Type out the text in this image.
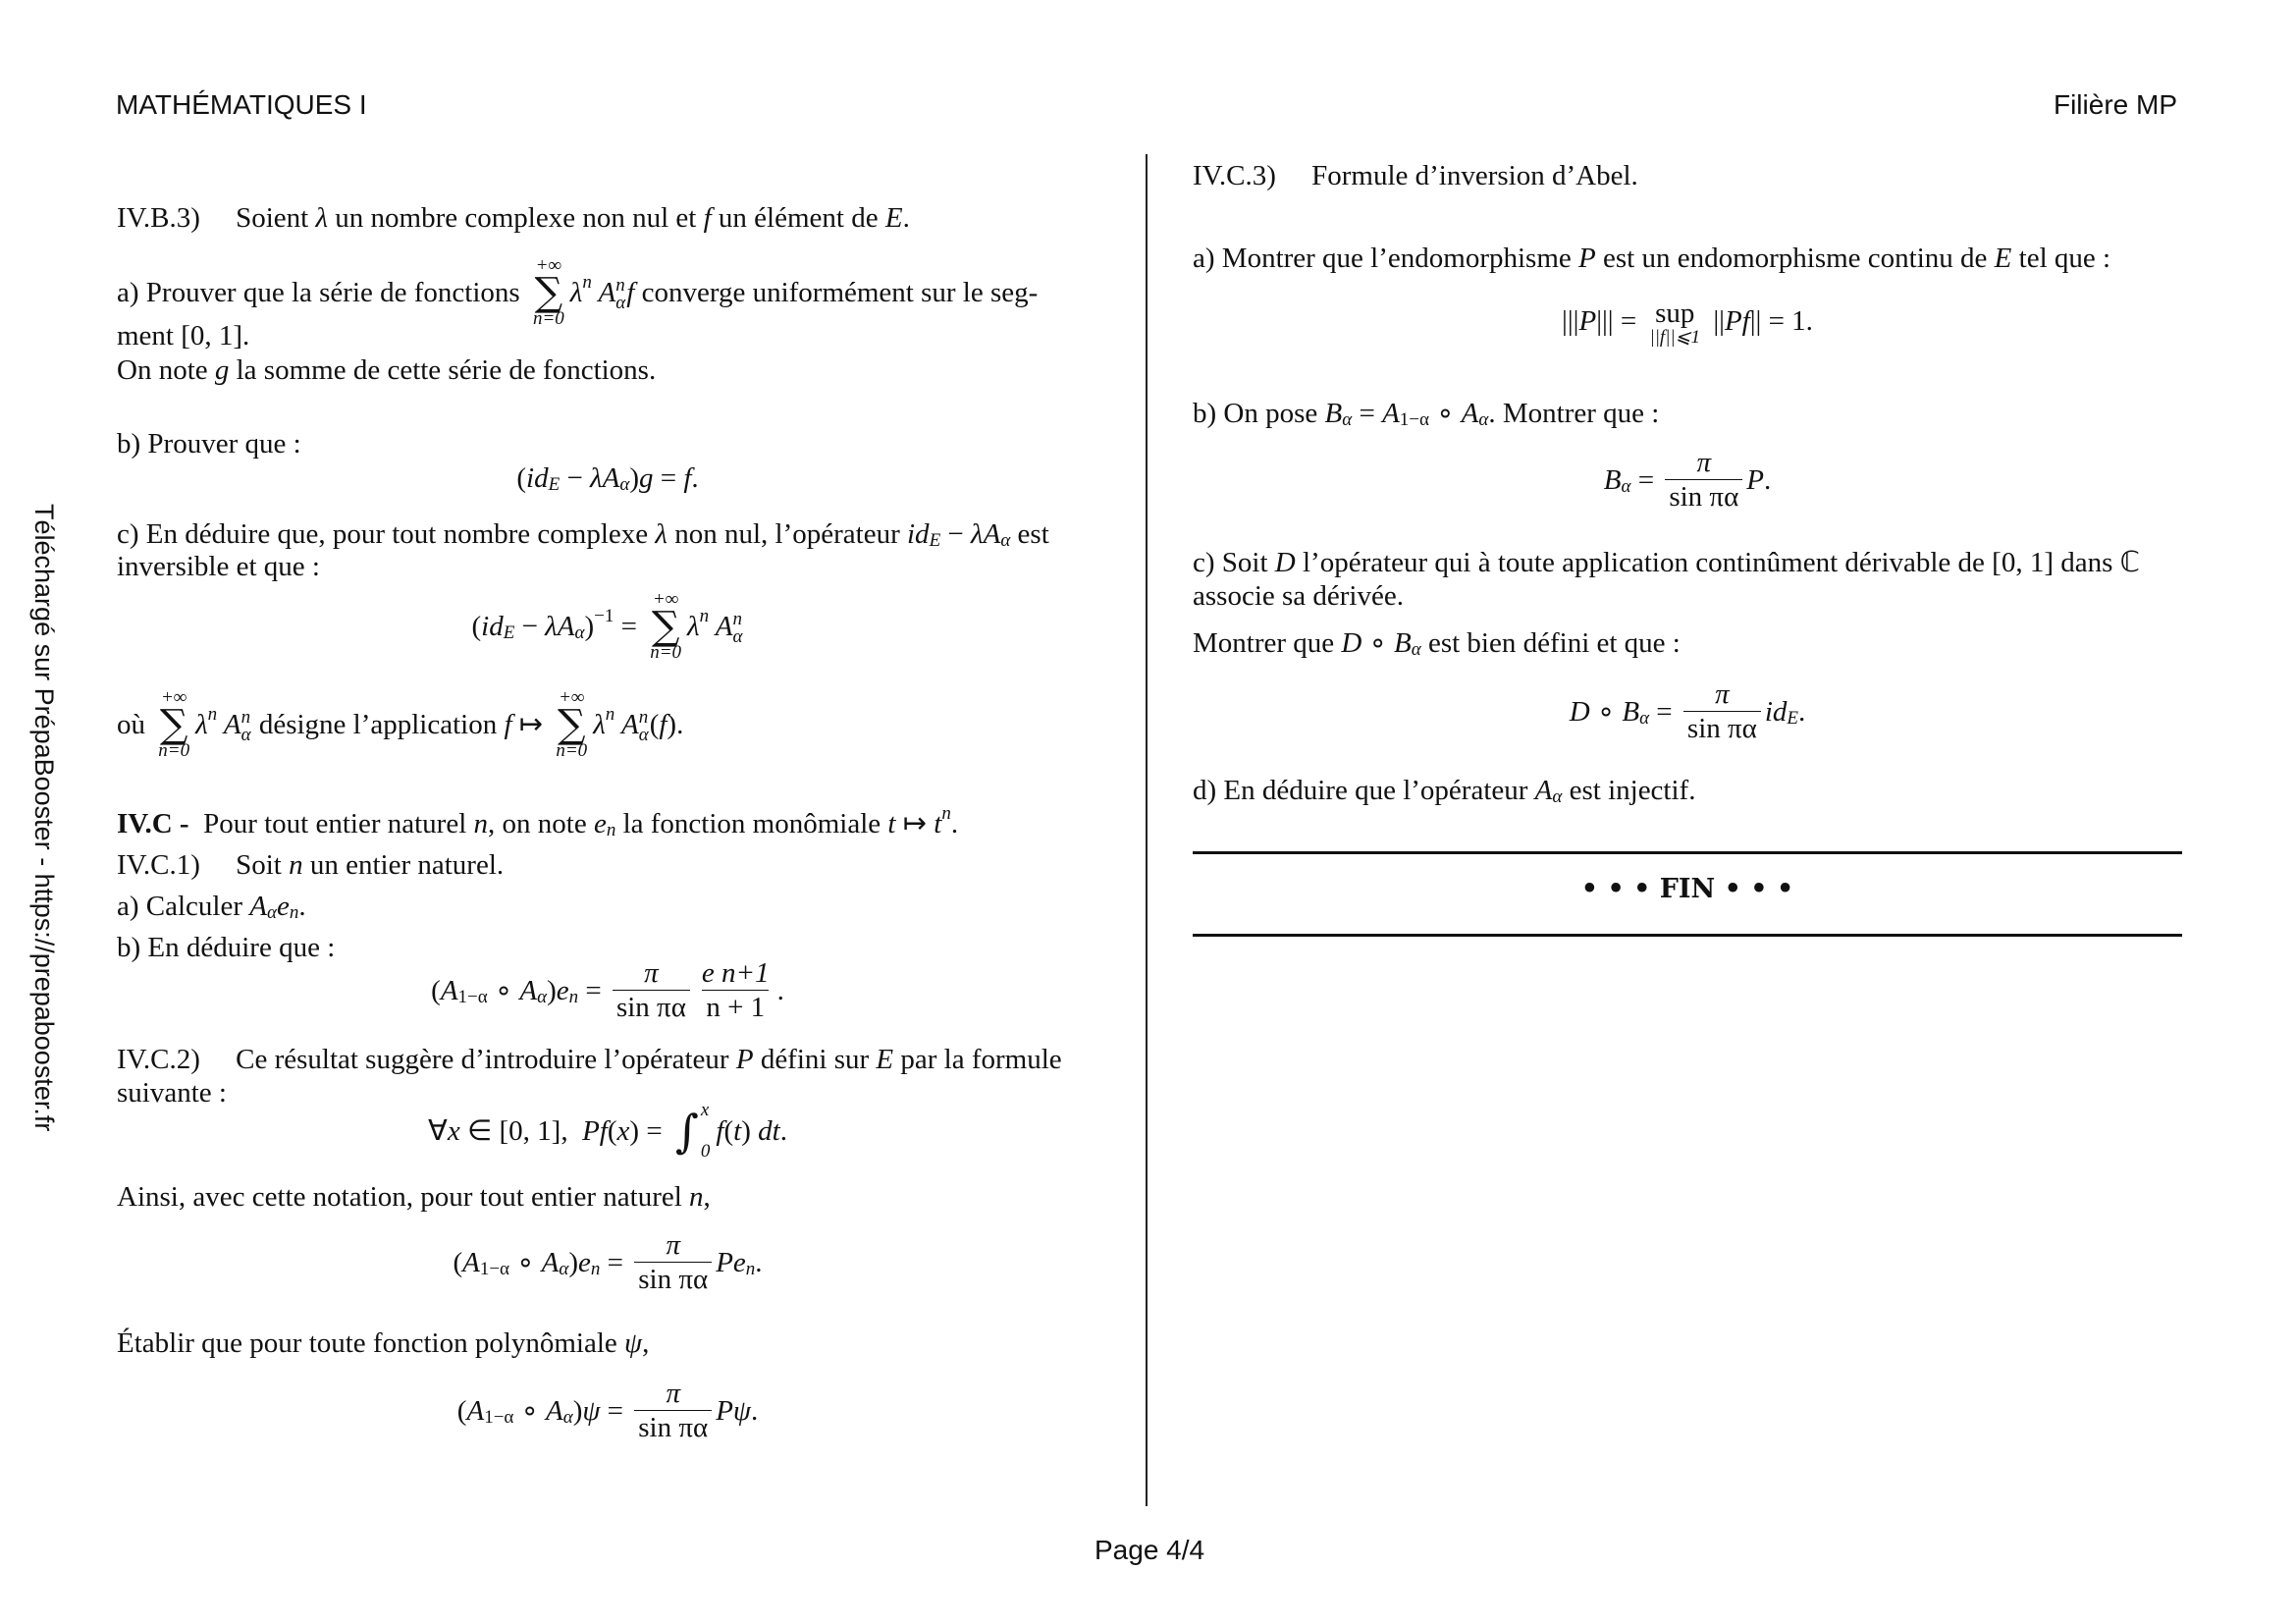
MATHÉMATIQUES I	Filière MP
Téléchargé sur PrépaBooster - https://prepabooster.fr
IV.B.3)     Soient λ un nombre complexe non nul et f un élément de E .
a) Prouver que la série de fonctions
+∞
∑
n=0
λ n A n
α f converge uniformément sur le seg-
ment [0, 1].
On note g la somme de cette série de fonctions.
b) Prouver que :
( id E − λA α ) g = f .
c) En déduire que, pour tout nombre complexe λ non nul, l’opérateur id E − λA α est
inversible et que :
( id E − λA α ) −1 =
+∞
∑
n=0
λ n A n
α
où
+∞
∑
n=0
λ n A n
α désigne l’application f ↦
+∞
∑
n=0
λ n A n
α ( f ).
IV.C - Pour tout entier naturel n , on note e n la fonction monômiale t ↦ t n .
IV.C.1)     Soit n un entier naturel.
a) Calculer A α e n .
b) En déduire que :
( A 1−α ∘ A α ) e $n = \frac{\pi}{\text{sin πα}} \frac{\text{e n+1}}{n + 1}$ .
IV.C.2)     Ce résultat suggère d’introduire l’opérateur P défini sur E par la formule
suivante :
∀ x ∈ [0, 1], Pf ( x ) = ∫ x
0
f ( t ) dt .
Ainsi, avec cette notation, pour tout entier naturel n ,
( A 1−α ∘ A α ) e $n = \frac{\pi}{\text{sin πα}}$ Pe n .
Établir que pour toute fonction polynômiale ψ ,
( A 1−α ∘ A α ) $\psi = \frac{\pi}{\text{sin πα}}$ Pψ .
IV.C.3)     Formule d’inversion d’Abel.
a) Montrer que l’endomorphisme P est un endomorphisme continu de E tel que :
||| P ||| = sup
||f||⩽1
|| Pf || = 1.
b) On pose B α = A 1−α ∘ A α . Montrer que :
B $\alpha = \frac{\pi}{\text{sin πα}}$ P .
c) Soit D l’opérateur qui à toute application continûment dérivable de [0, 1] dans ℂ
associe sa dérivée.
Montrer que D ∘ B α est bien défini et que :
D ∘ B $\alpha = \frac{\pi}{\text{sin πα}}$ id E .
d) En déduire que l’opérateur A α est injectif.
• • • FIN • • •
Page 4/4
